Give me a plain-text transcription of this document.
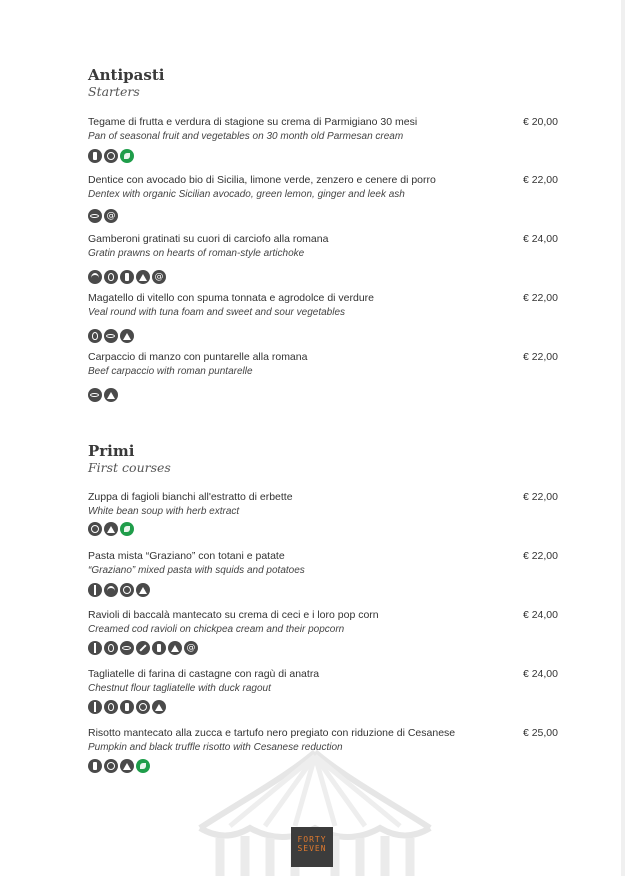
Antipasti
Starters
Tegame di frutta e verdura di stagione su crema di Parmigiano 30 mesi
Pan of seasonal fruit and vegetables on 30 month old Parmesan cream
€ 20,00
Dentice con avocado bio di Sicilia, limone verde, zenzero e cenere di porro
Dentex with organic Sicilian avocado, green lemon, ginger and leek ash
€ 22,00
@
Gamberoni gratinati su cuori di carciofo alla romana
Gratin prawns on hearts of roman-style artichoke
€ 24,00
@
Magatello di vitello con spuma tonnata e agrodolce di verdure
Veal round with tuna foam and sweet and sour vegetables
€ 22,00
Carpaccio di manzo con puntarelle alla romana
Beef carpaccio with roman puntarelle
€ 22,00
Primi
First courses
Zuppa di fagioli bianchi all'estratto di erbette
White bean soup with herb extract
€ 22,00
Pasta mista “Graziano” con totani e patate
“Graziano” mixed pasta with squids and potatoes
€ 22,00
Ravioli di baccalà mantecato su crema di ceci e i loro pop corn
Creamed cod ravioli on chickpea cream and their popcorn
€ 24,00
@
Tagliatelle di farina di castagne con ragù di anatra
Chestnut flour tagliatelle with duck ragout
€ 24,00
Risotto mantecato alla zucca e tartufo nero pregiato con riduzione di Cesanese
Pumpkin and black truffle risotto with Cesanese reduction
€ 25,00
FORTY
SEVEN
